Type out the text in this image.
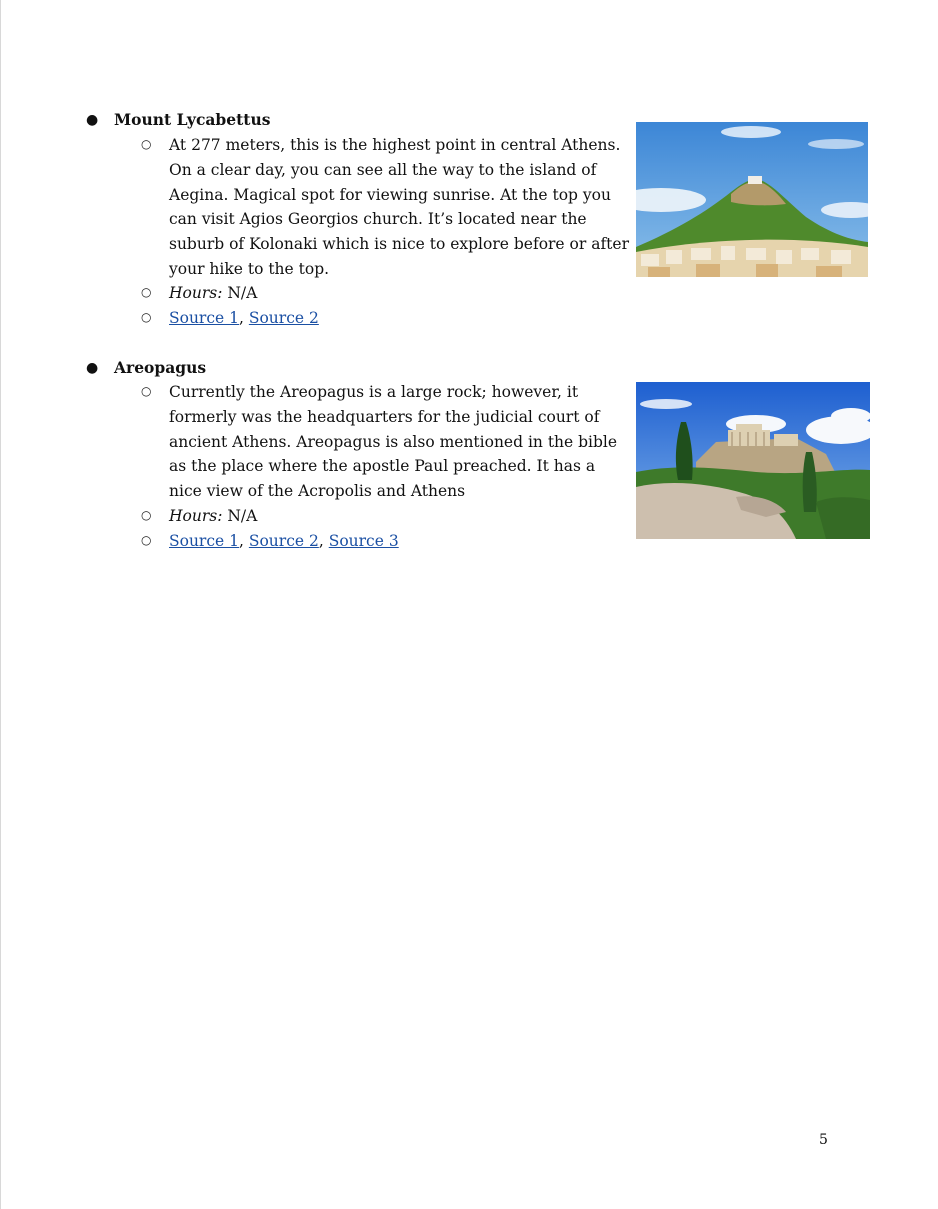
● Mount Lycabettus
○ At 277 meters, this is the highest point in central Athens. On a clear day, you can see all the way to the island of Aegina. Magical spot for viewing sunrise. At the top you can visit Agios Georgios church. It’s located near the suburb of Kolonaki which is nice to explore before or after your hike to the top.
○ Hours: N/A
○ Source 1, Source 2
● Areopagus
○ Currently the Areopagus is a large rock; however, it formerly was the headquarters for the judicial court of ancient Athens. Areopagus is also mentioned in the bible as the place where the apostle Paul preached. It has a nice view of the Acropolis and Athens
○ Hours: N/A
○ Source 1, Source 2, Source 3
5
